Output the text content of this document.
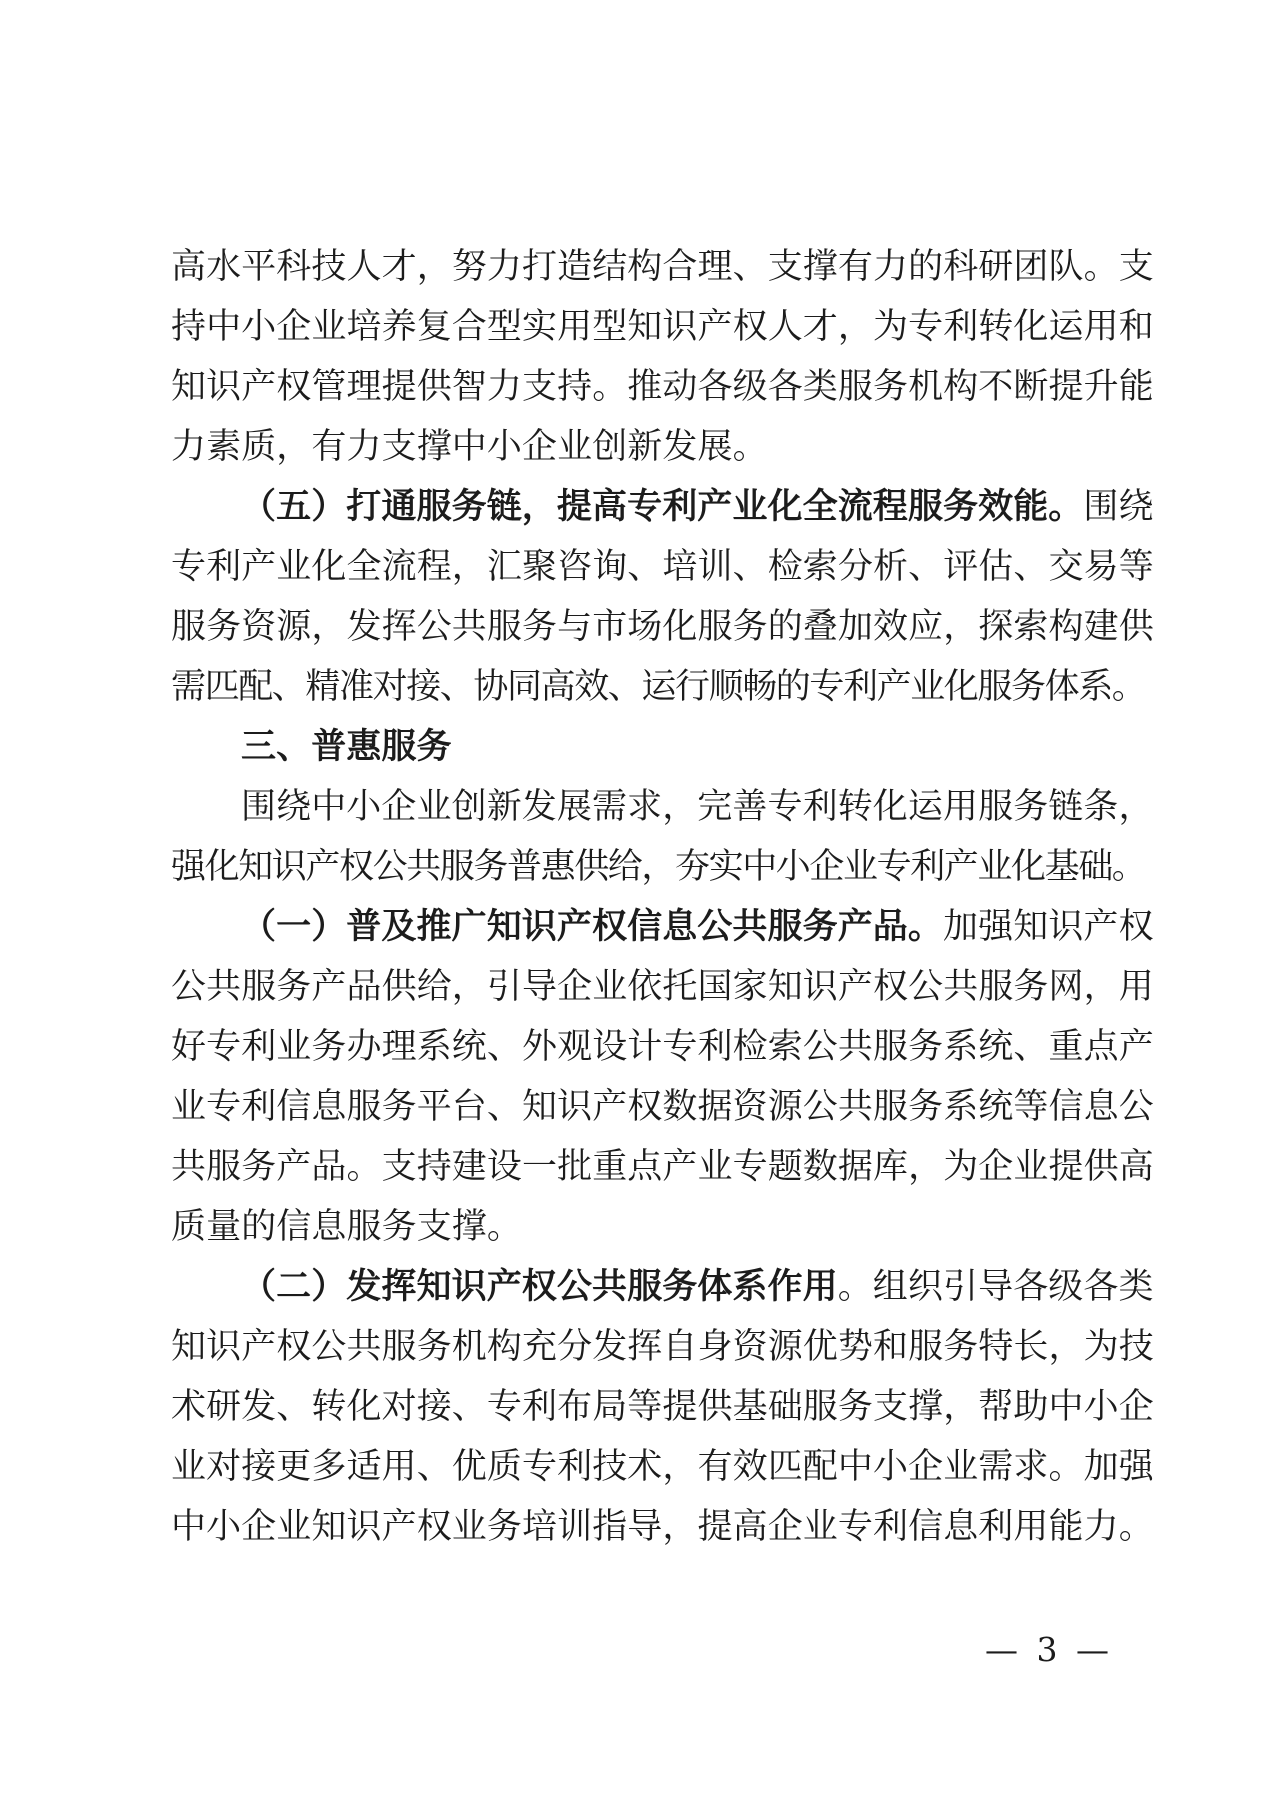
高水平科技人才，努力打造结构合理、支撑有力的科研团队。支
持中小企业培养复合型实用型知识产权人才，为专利转化运用和
知识产权管理提供智力支持。推动各级各类服务机构不断提升能
力素质，有力支撑中小企业创新发展。
（五）打通服务链，提高专利产业化全流程服务效能。围绕
专利产业化全流程，汇聚咨询、培训、检索分析、评估、交易等
服务资源，发挥公共服务与市场化服务的叠加效应，探索构建供
需匹配、精准对接、协同高效、运行顺畅的专利产业化服务体系。
三、普惠服务
围绕中小企业创新发展需求，完善专利转化运用服务链条，
强化知识产权公共服务普惠供给，夯实中小企业专利产业化基础。
（一）普及推广知识产权信息公共服务产品。加强知识产权
公共服务产品供给，引导企业依托国家知识产权公共服务网，用
好专利业务办理系统、外观设计专利检索公共服务系统、重点产
业专利信息服务平台、知识产权数据资源公共服务系统等信息公
共服务产品。支持建设一批重点产业专题数据库，为企业提供高
质量的信息服务支撑。
（二）发挥知识产权公共服务体系作用。组织引导各级各类
知识产权公共服务机构充分发挥自身资源优势和服务特长，为技
术研发、转化对接、专利布局等提供基础服务支撑，帮助中小企
业对接更多适用、优质专利技术，有效匹配中小企业需求。加强
中小企业知识产权业务培训指导，提高企业专利信息利用能力。
— 3 —
